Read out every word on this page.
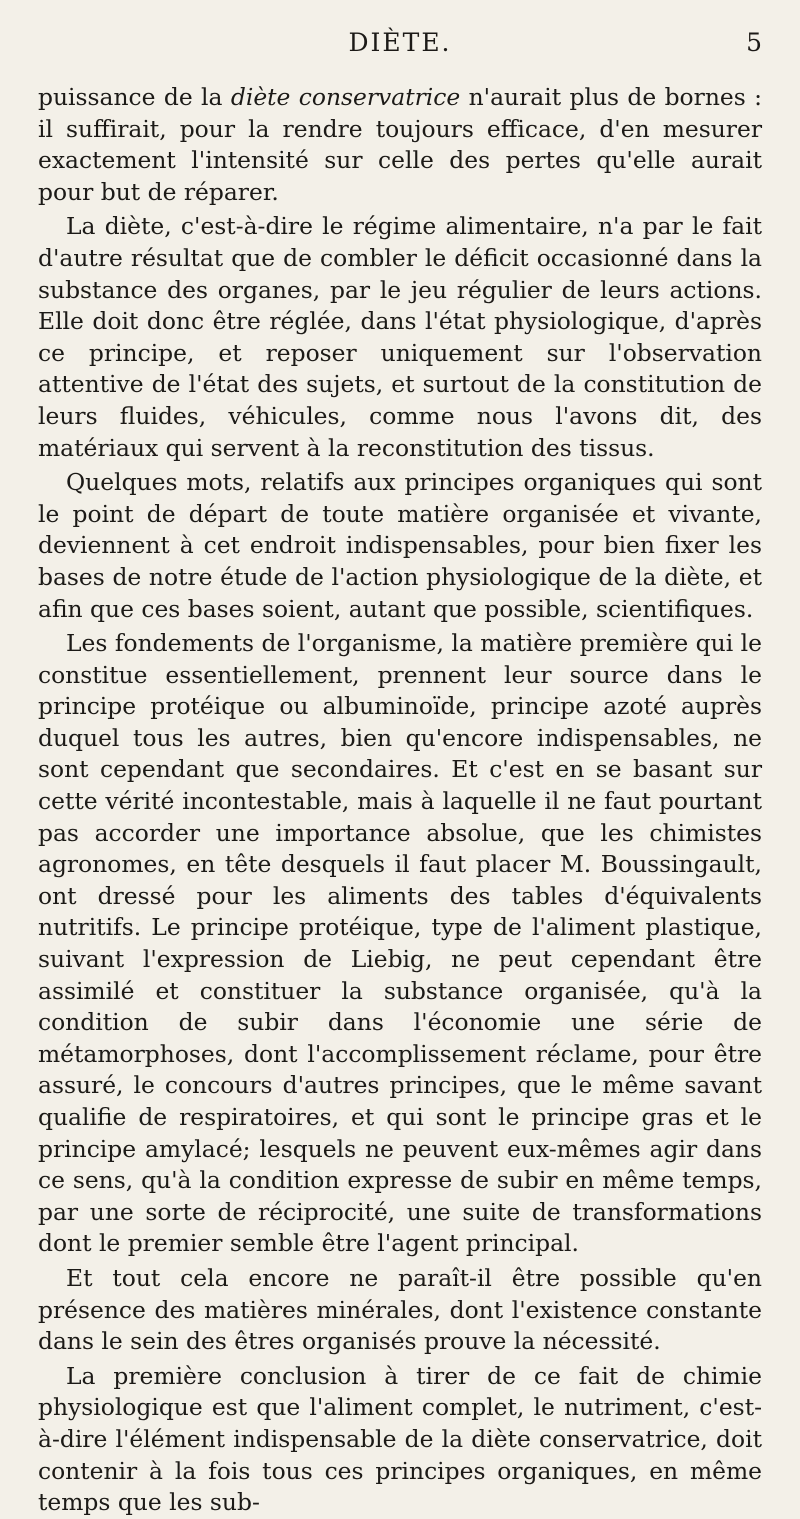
DIÈTE.	5

puissance de la diète conservatrice n'aurait plus de bornes : il suffirait, pour la rendre toujours efficace, d'en mesurer exactement l'intensité sur celle des pertes qu'elle aurait pour but de réparer.

La diète, c'est-à-dire le régime alimentaire, n'a par le fait d'autre résultat que de combler le déficit occasionné dans la substance des organes, par le jeu régulier de leurs actions. Elle doit donc être réglée, dans l'état physiologique, d'après ce principe, et reposer uniquement sur l'observation attentive de l'état des sujets, et surtout de la constitution de leurs fluides, véhicules, comme nous l'avons dit, des matériaux qui servent à la reconstitution des tissus.

Quelques mots, relatifs aux principes organiques qui sont le point de départ de toute matière organisée et vivante, deviennent à cet endroit indispensables, pour bien fixer les bases de notre étude de l'action physiologique de la diète, et afin que ces bases soient, autant que possible, scientifiques.

Les fondements de l'organisme, la matière première qui le constitue essentiellement, prennent leur source dans le principe protéique ou albuminoïde, principe azoté auprès duquel tous les autres, bien qu'encore indispensables, ne sont cependant que secondaires. Et c'est en se basant sur cette vérité incontestable, mais à laquelle il ne faut pourtant pas accorder une importance absolue, que les chimistes agronomes, en tête desquels il faut placer M. Boussingault, ont dressé pour les aliments des tables d'équivalents nutritifs. Le principe protéique, type de l'aliment plastique, suivant l'expression de Liebig, ne peut cependant être assimilé et constituer la substance organisée, qu'à la condition de subir dans l'économie une série de métamorphoses, dont l'accomplissement réclame, pour être assuré, le concours d'autres principes, que le même savant qualifie de respiratoires, et qui sont le principe gras et le principe amylacé; lesquels ne peuvent eux-mêmes agir dans ce sens, qu'à la condition expresse de subir en même temps, par une sorte de réciprocité, une suite de transformations dont le premier semble être l'agent principal.

Et tout cela encore ne paraît-il être possible qu'en présence des matières minérales, dont l'existence constante dans le sein des êtres organisés prouve la nécessité.

La première conclusion à tirer de ce fait de chimie physiologique est que l'aliment complet, le nutriment, c'est-à-dire l'élément indispensable de la diète conservatrice, doit contenir à la fois tous ces principes organiques, en même temps que les sub-
